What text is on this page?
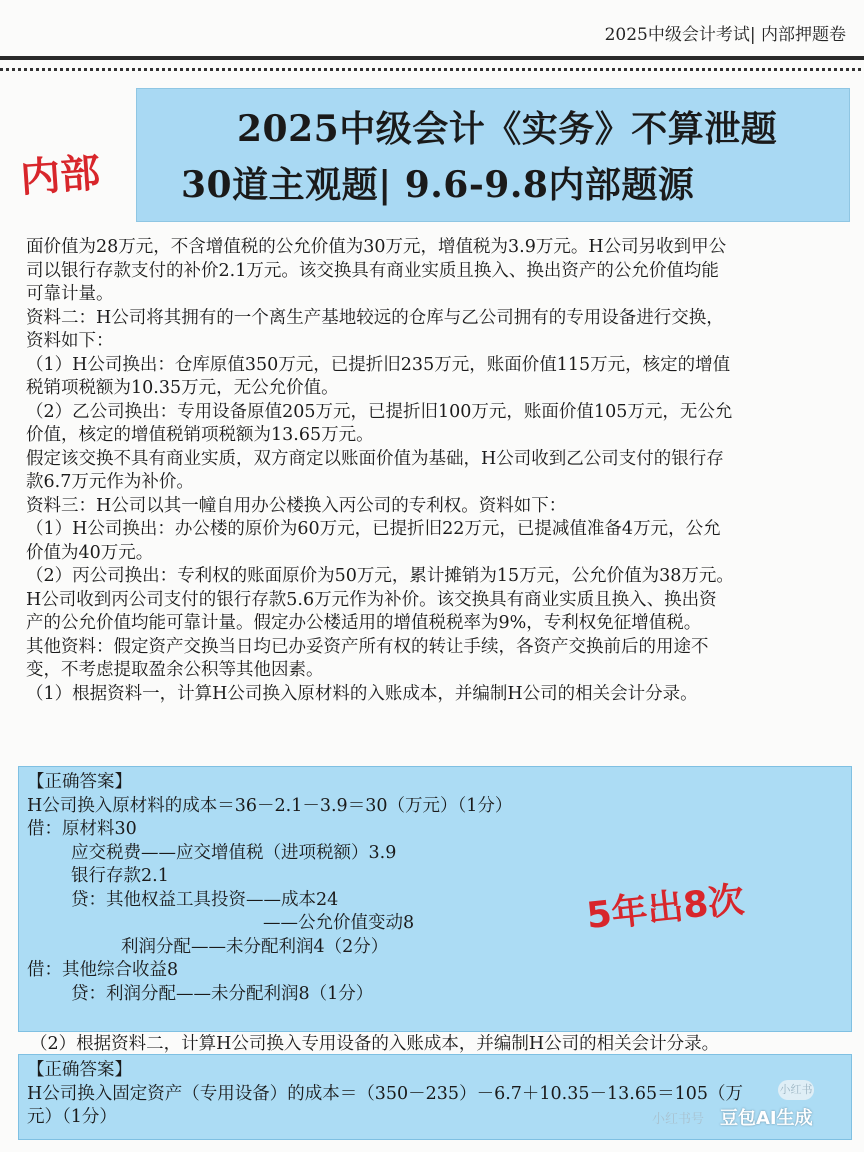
2025中级会计考试| 内部押题卷
内部
2025中级会计《实务》不算泄题
30道主观题| 9.6-9.8内部题源

面价值为28万元，不含增值税的公允价值为30万元，增值税为3.9万元。H公司另收到甲公

司以银行存款支付的补价2.1万元。该交换具有商业实质且换入、换出资产的公允价值均能

可靠计量。

资料二：H公司将其拥有的一个离生产基地较远的仓库与乙公司拥有的专用设备进行交换，

资料如下：

（1）H公司换出：仓库原值350万元，已提折旧235万元，账面价值115万元，核定的增值

税销项税额为10.35万元，无公允价值。

（2）乙公司换出：专用设备原值205万元，已提折旧100万元，账面价值105万元，无公允

价值，核定的增值税销项税额为13.65万元。

假定该交换不具有商业实质，双方商定以账面价值为基础，H公司收到乙公司支付的银行存

款6.7万元作为补价。

资料三：H公司以其一幢自用办公楼换入丙公司的专利权。资料如下：

（1）H公司换出：办公楼的原价为60万元，已提折旧22万元，已提减值准备4万元，公允

价值为40万元。

（2）丙公司换出：专利权的账面原价为50万元，累计摊销为15万元，公允价值为38万元。

H公司收到丙公司支付的银行存款5.6万元作为补价。该交换具有商业实质且换入、换出资

产的公允价值均能可靠计量。假定办公楼适用的增值税税率为9%，专利权免征增值税。

其他资料：假定资产交换当日均已办妥资产所有权的转让手续，各资产交换前后的用途不

变，不考虑提取盈余公积等其他因素。

（1）根据资料一，计算H公司换入原材料的入账成本，并编制H公司的相关会计分录。

【正确答案】

H公司换入原材料的成本＝36－2.1－3.9＝30（万元）（1分）

借：原材料30

应交税费——应交增值税（进项税额）3.9

银行存款2.1

贷：其他权益工具投资——成本24

——公允价值变动8

利润分配——未分配利润4（2分）

借：其他综合收益8

贷：利润分配——未分配利润8（1分）

5年出8次
（2）根据资料二，计算H公司换入专用设备的入账成本，并编制H公司的相关会计分录。

【正确答案】

H公司换入固定资产（专用设备）的成本＝（350－235）－6.7＋10.35－13.65＝105（万

元）（1分）

小红书
小红书号 豆包AI生成
